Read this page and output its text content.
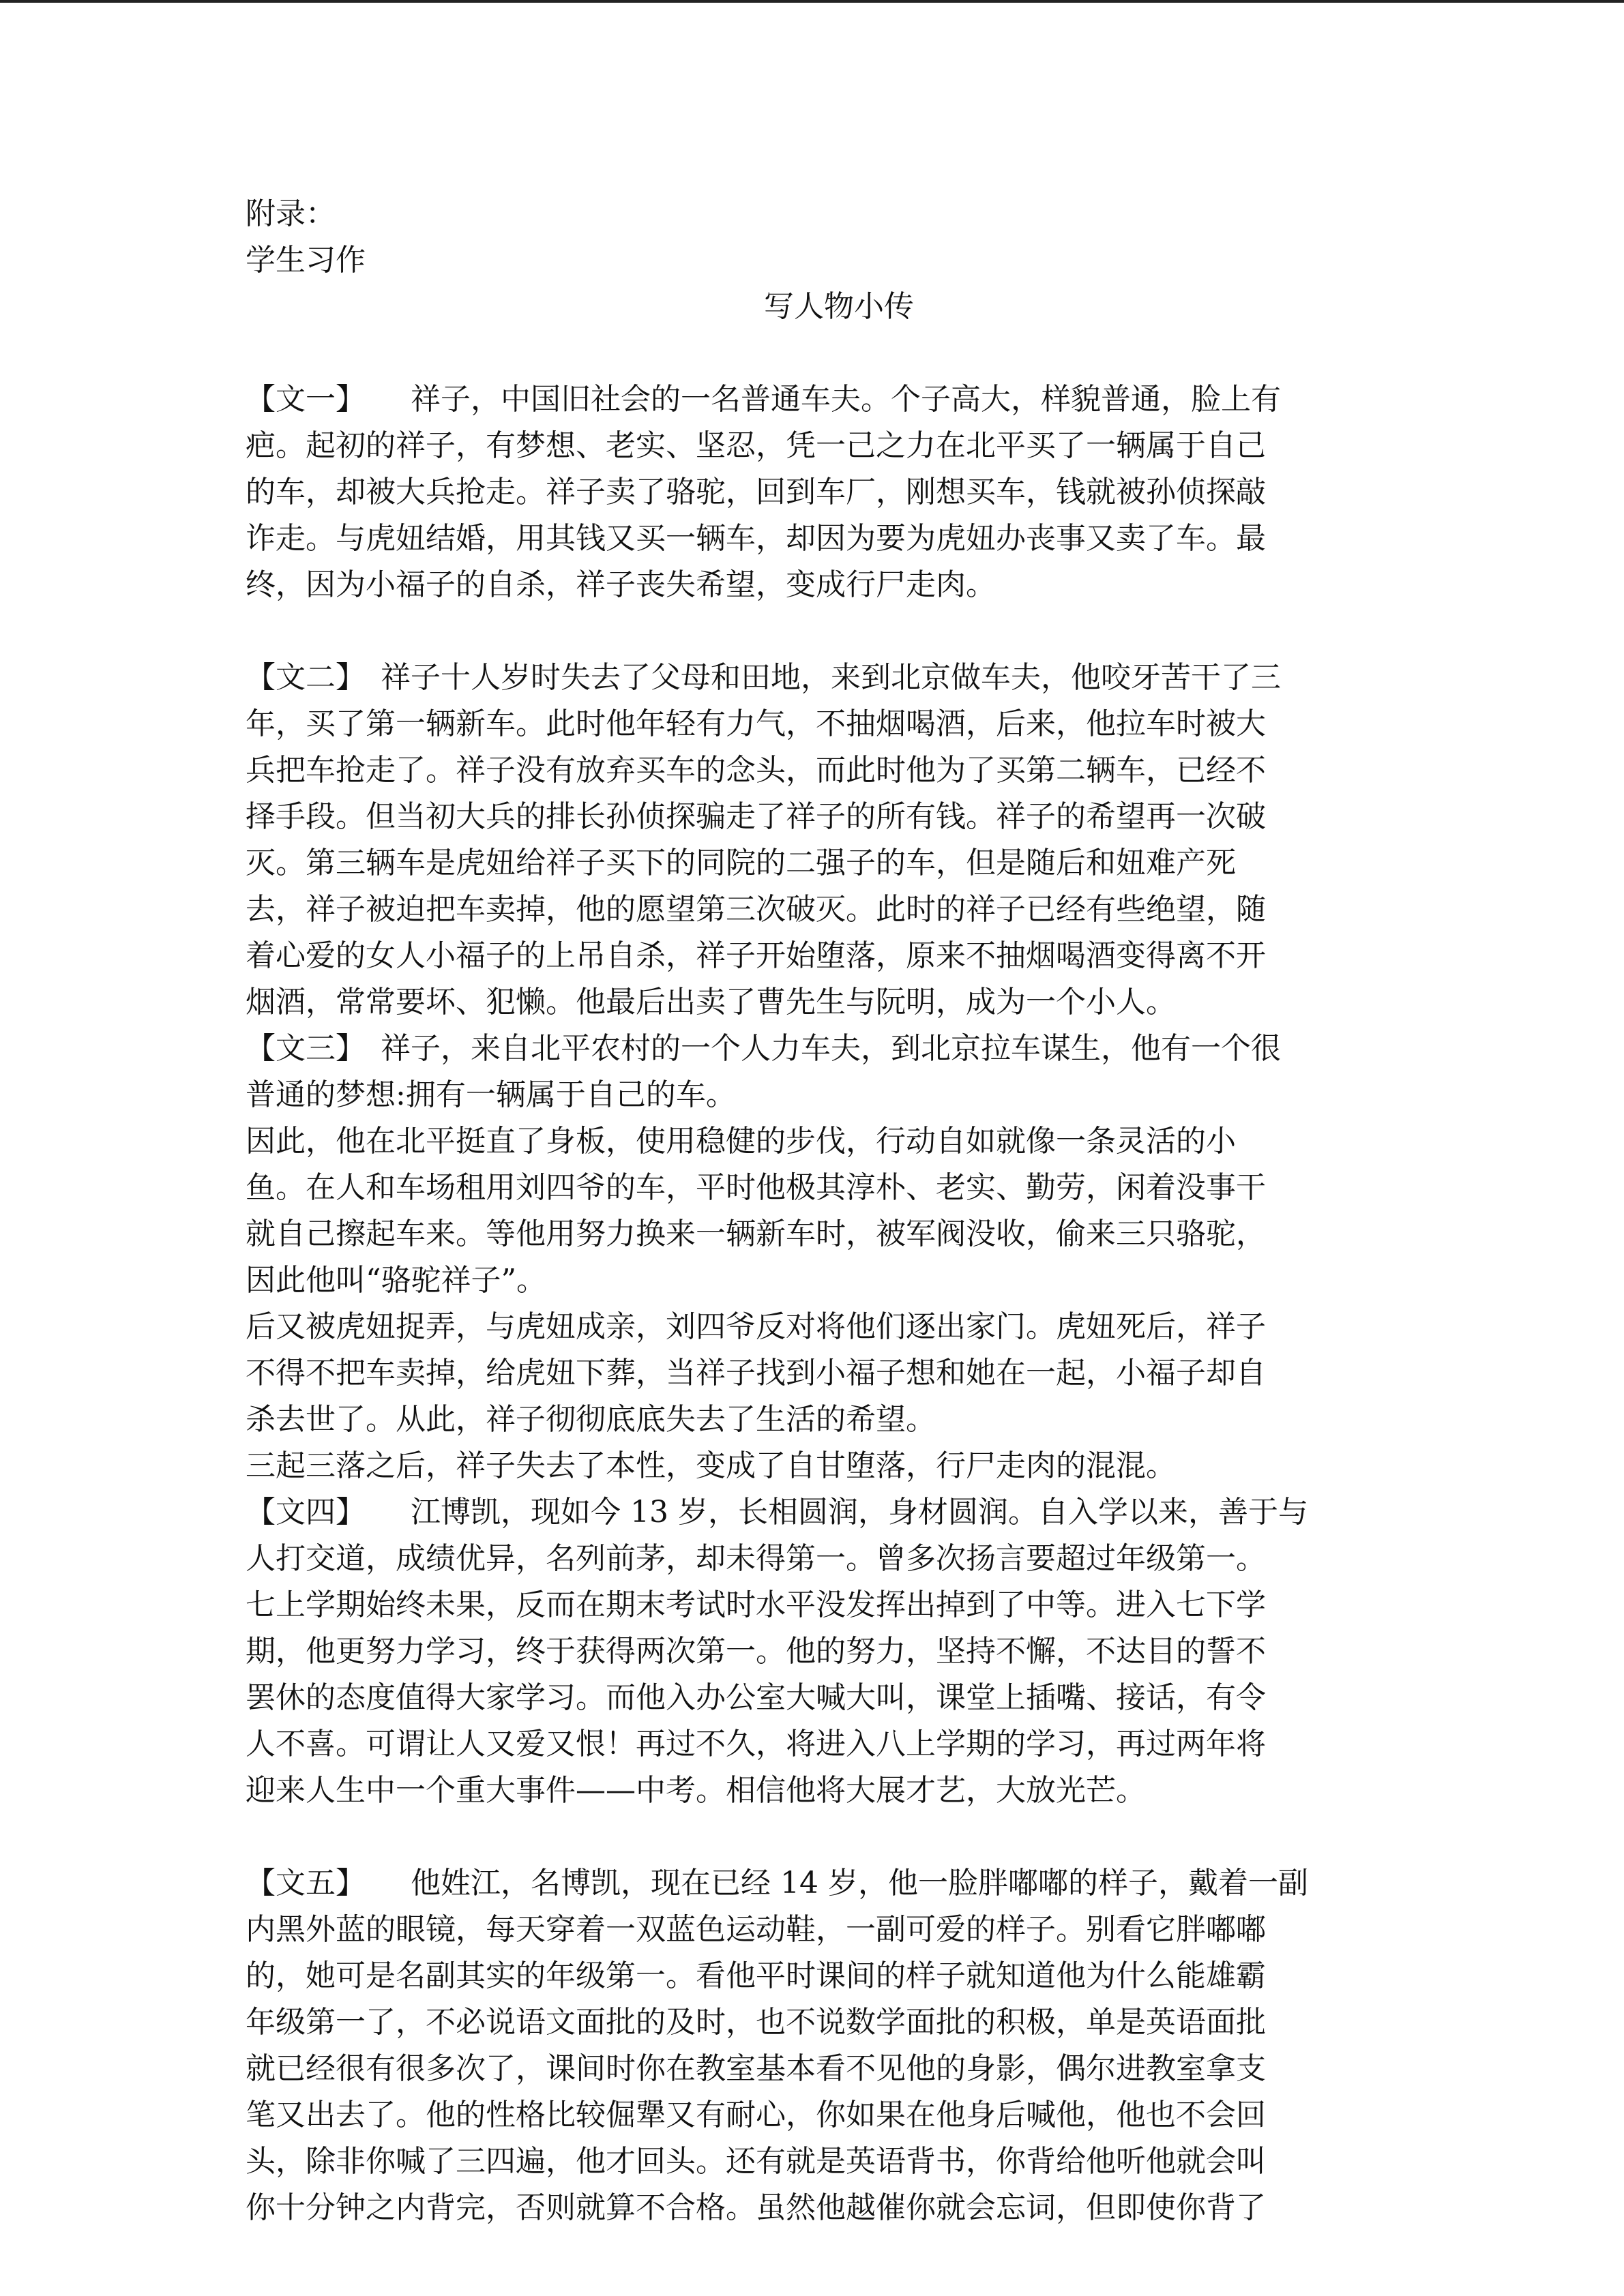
附录：
学生习作
写人物小传
【文一】　　祥子，中国旧社会的一名普通车夫。个子高大，样貌普通，脸上有
疤。起初的祥子，有梦想、老实、坚忍，凭一己之力在北平买了一辆属于自己
的车，却被大兵抢走。祥子卖了骆驼，回到车厂，刚想买车，钱就被孙侦探敲
诈走。与虎妞结婚，用其钱又买一辆车，却因为要为虎妞办丧事又卖了车。最
终，因为小福子的自杀，祥子丧失希望，变成行尸走肉。
【文二】　祥子十人岁时失去了父母和田地，来到北京做车夫，他咬牙苦干了三
年，买了第一辆新车。此时他年轻有力气，不抽烟喝酒，后来，他拉车时被大
兵把车抢走了。祥子没有放弃买车的念头，而此时他为了买第二辆车，已经不
择手段。但当初大兵的排长孙侦探骗走了祥子的所有钱。祥子的希望再一次破
灭。第三辆车是虎妞给祥子买下的同院的二强子的车，但是随后和妞难产死
去，祥子被迫把车卖掉，他的愿望第三次破灭。此时的祥子已经有些绝望，随
着心爱的女人小福子的上吊自杀，祥子开始堕落，原来不抽烟喝酒变得离不开
烟酒，常常要坏、犯懒。他最后出卖了曹先生与阮明，成为一个小人。
【文三】　祥子，来自北平农村的一个人力车夫，到北京拉车谋生，他有一个很
普通的梦想:拥有一辆属于自己的车。
因此，他在北平挺直了身板，使用稳健的步伐，行动自如就像一条灵活的小
鱼。在人和车场租用刘四爷的车，平时他极其淳朴、老实、勤劳，闲着没事干
就自己擦起车来。等他用努力换来一辆新车时，被军阀没收，偷来三只骆驼，
因此他叫“骆驼祥子”。
后又被虎妞捉弄，与虎妞成亲，刘四爷反对将他们逐出家门。虎妞死后，祥子
不得不把车卖掉，给虎妞下葬，当祥子找到小福子想和她在一起，小福子却自
杀去世了。从此，祥子彻彻底底失去了生活的希望。
三起三落之后，祥子失去了本性，变成了自甘堕落，行尸走肉的混混。
【文四】　　江博凯，现如今 13 岁，长相圆润，身材圆润。自入学以来，善于与
人打交道，成绩优异，名列前茅，却未得第一。曾多次扬言要超过年级第一。
七上学期始终未果，反而在期末考试时水平没发挥出掉到了中等。进入七下学
期，他更努力学习，终于获得两次第一。他的努力，坚持不懈，不达目的誓不
罢休的态度值得大家学习。而他入办公室大喊大叫，课堂上插嘴、接话，有令
人不喜。可谓让人又爱又恨！再过不久，将进入八上学期的学习，再过两年将
迎来人生中一个重大事件——中考。相信他将大展才艺，大放光芒。
【文五】　　他姓江，名博凯，现在已经 14 岁，他一脸胖嘟嘟的样子，戴着一副
内黑外蓝的眼镜，每天穿着一双蓝色运动鞋，一副可爱的样子。别看它胖嘟嘟
的，她可是名副其实的年级第一。看他平时课间的样子就知道他为什么能雄霸
年级第一了，不必说语文面批的及时，也不说数学面批的积极，单是英语面批
就已经很有很多次了，课间时你在教室基本看不见他的身影，偶尔进教室拿支
笔又出去了。他的性格比较倔犟又有耐心，你如果在他身后喊他，他也不会回
头，除非你喊了三四遍，他才回头。还有就是英语背书，你背给他听他就会叫
你十分钟之内背完，否则就算不合格。虽然他越催你就会忘词，但即使你背了
